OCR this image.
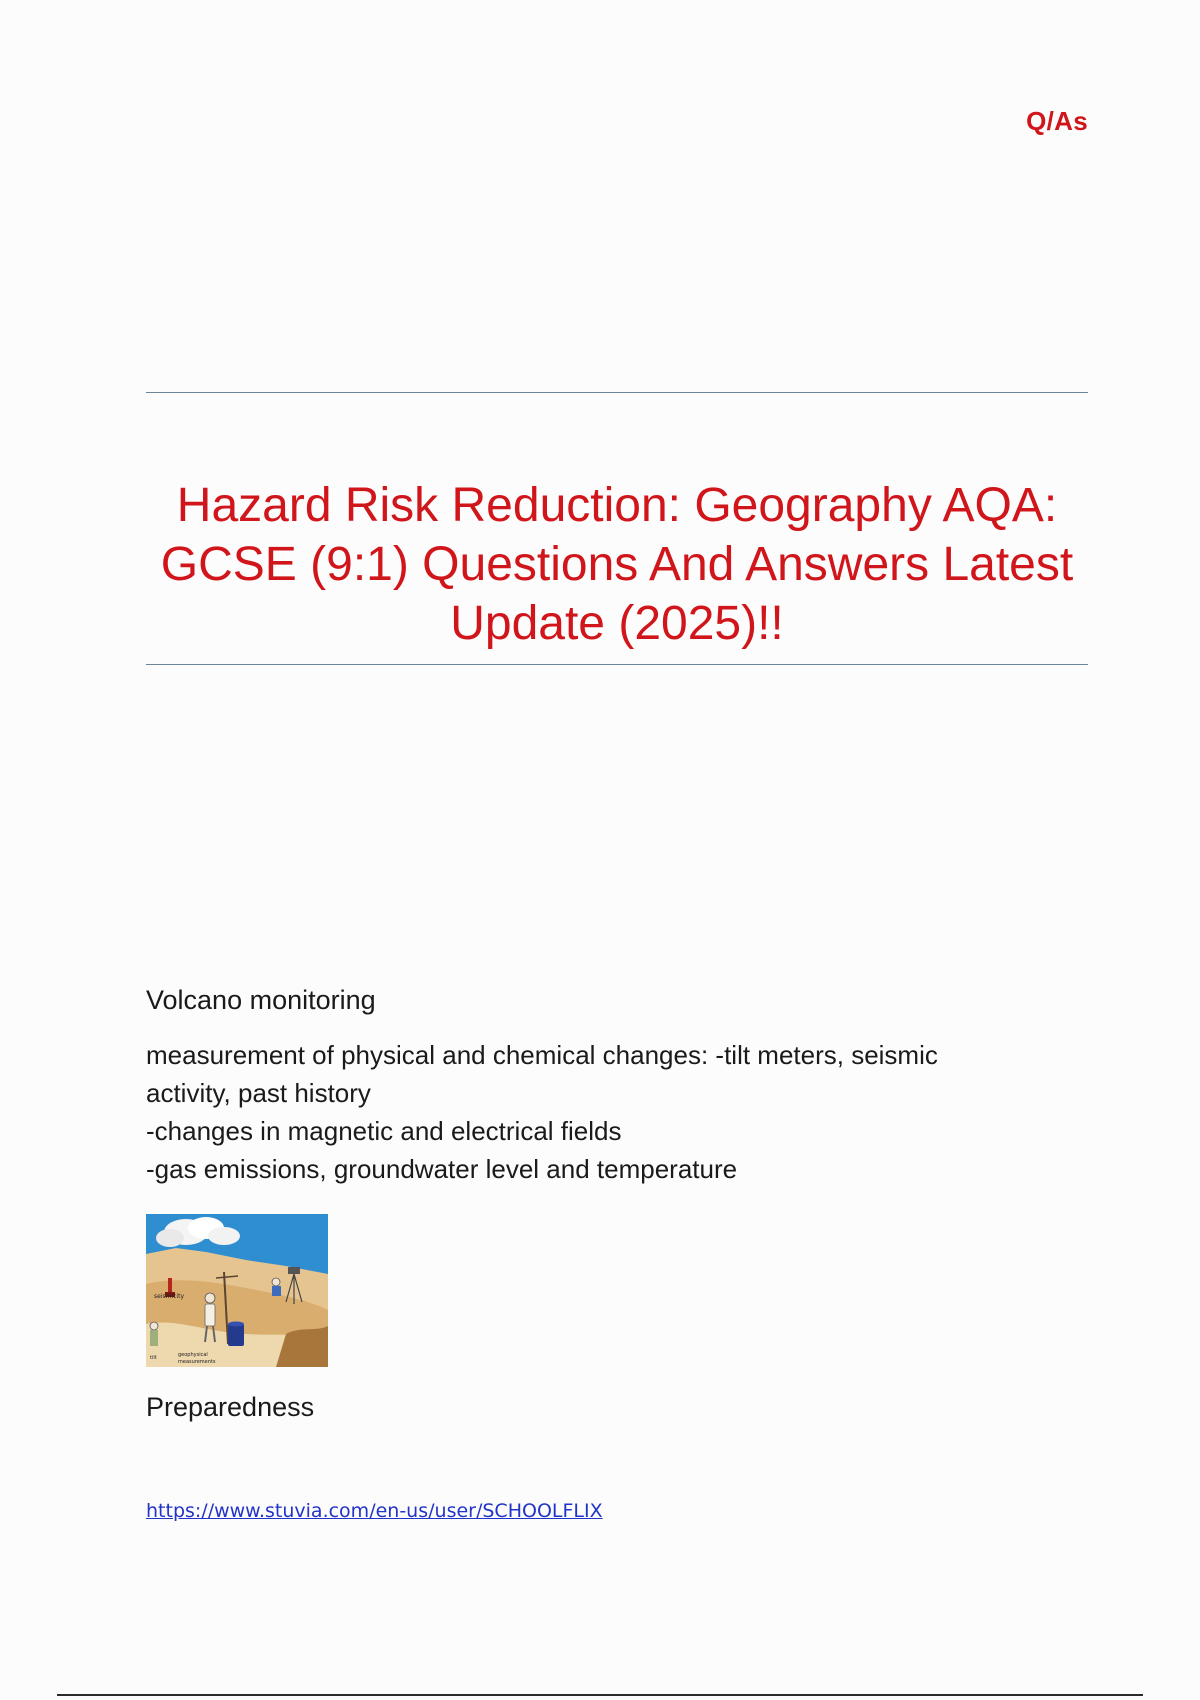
Q/As
Hazard Risk Reduction: Geography AQA: GCSE (9:1) Questions And Answers Latest Update (2025)!!
Volcano monitoring
measurement of physical and chemical changes: -tilt meters, seismic
activity, past history
-changes in magnetic and electrical fields
-gas emissions, groundwater level and temperature
seismicity
tilt	geophysical
measurements
Preparedness
https://www.stuvia.com/en-us/user/SCHOOLFLIX
